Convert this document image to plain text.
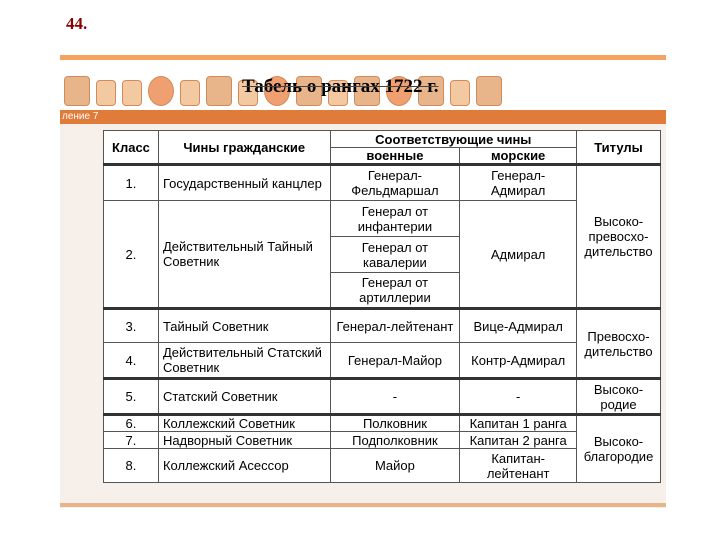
44.
Табель о рангах 1722 г.
ление 7
Класс	Чины гражданские	Соответствующие чины		Титулы
		военные	морские	
1.	Государственный канцлер	Генерал-Фельдмаршал	Генерал-Адмирал	Высоко-превосхо-дительство
2.	Действительный Тайный Советник	Генерал от инфантерии	Адмирал	
		Генерал от кавалерии		
		Генерал от артиллерии		
3.	Тайный Советник	Генерал-лейтенант	Вице-Адмирал	Превосхо-дительство
4.	Действительный Статский Советник	Генерал-Майор	Контр-Адмирал	
5.	Статский Советник	-	-	Высоко-родие
6.	Коллежский Советник	Полковник	Капитан 1 ранга	Высоко-благородие
7.	Надворный Советник	Подполковник	Капитан 2 ранга	
8.	Коллежский Асессор	Майор	Капитан-лейтенант	
